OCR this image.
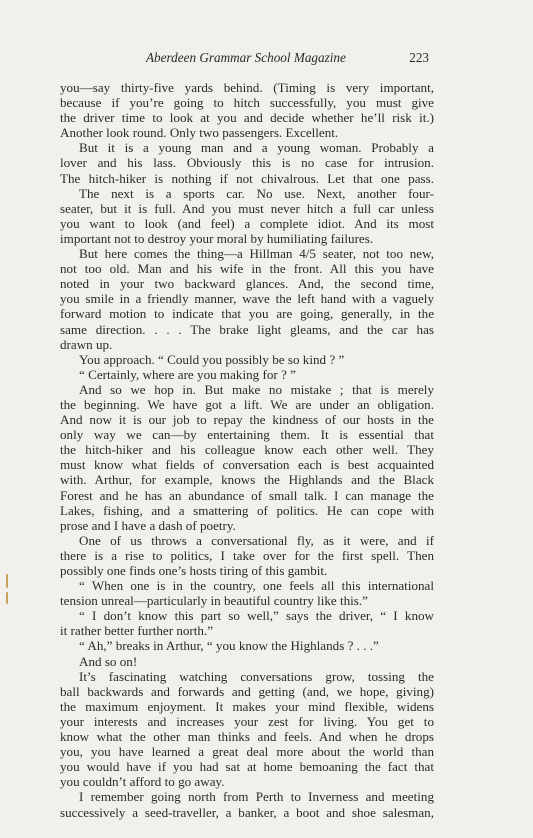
Aberdeen Grammar School Magazine	223
you—say thirty-five yards behind. (Timing is very important,
because if you’re going to hitch successfully, you must give
the driver time to look at you and decide whether he’ll risk it.)
Another look round. Only two passengers. Excellent.
But it is a young man and a young woman. Probably a
lover and his lass. Obviously this is no case for intrusion.
The hitch-hiker is nothing if not chivalrous. Let that one pass.
The next is a sports car. No use. Next, another four-
seater, but it is full. And you must never hitch a full car unless
you want to look (and feel) a complete idiot. And its most
important not to destroy your moral by humiliating failures.
But here comes the thing—a Hillman 4/5 seater, not too new,
not too old. Man and his wife in the front. All this you have
noted in your two backward glances. And, the second time,
you smile in a friendly manner, wave the left hand with a vaguely
forward motion to indicate that you are going, generally, in the
same direction. . . . The brake light gleams, and the car has
drawn up.
You approach. “ Could you possibly be so kind ? ”
“ Certainly, where are you making for ? ”
And so we hop in. But make no mistake ; that is merely
the beginning. We have got a lift. We are under an obligation.
And now it is our job to repay the kindness of our hosts in the
only way we can—by entertaining them. It is essential that
the hitch-hiker and his colleague know each other well. They
must know what fields of conversation each is best acquainted
with. Arthur, for example, knows the Highlands and the Black
Forest and he has an abundance of small talk. I can manage the
Lakes, fishing, and a smattering of politics. He can cope with
prose and I have a dash of poetry.
One of us throws a conversational fly, as it were, and if
there is a rise to politics, I take over for the first spell. Then
possibly one finds one’s hosts tiring of this gambit.
“ When one is in the country, one feels all this international
tension unreal—particularly in beautiful country like this.”
“ I don’t know this part so well,” says the driver, “ I know
it rather better further north.”
“ Ah,” breaks in Arthur, “ you know the Highlands ? . . .”
And so on!
It’s fascinating watching conversations grow, tossing the
ball backwards and forwards and getting (and, we hope, giving)
the maximum enjoyment. It makes your mind flexible, widens
your interests and increases your zest for living. You get to
know what the other man thinks and feels. And when he drops
you, you have learned a great deal more about the world than
you would have if you had sat at home bemoaning the fact that
you couldn’t afford to go away.
I remember going north from Perth to Inverness and meeting
successively a seed-traveller, a banker, a boot and shoe salesman,
